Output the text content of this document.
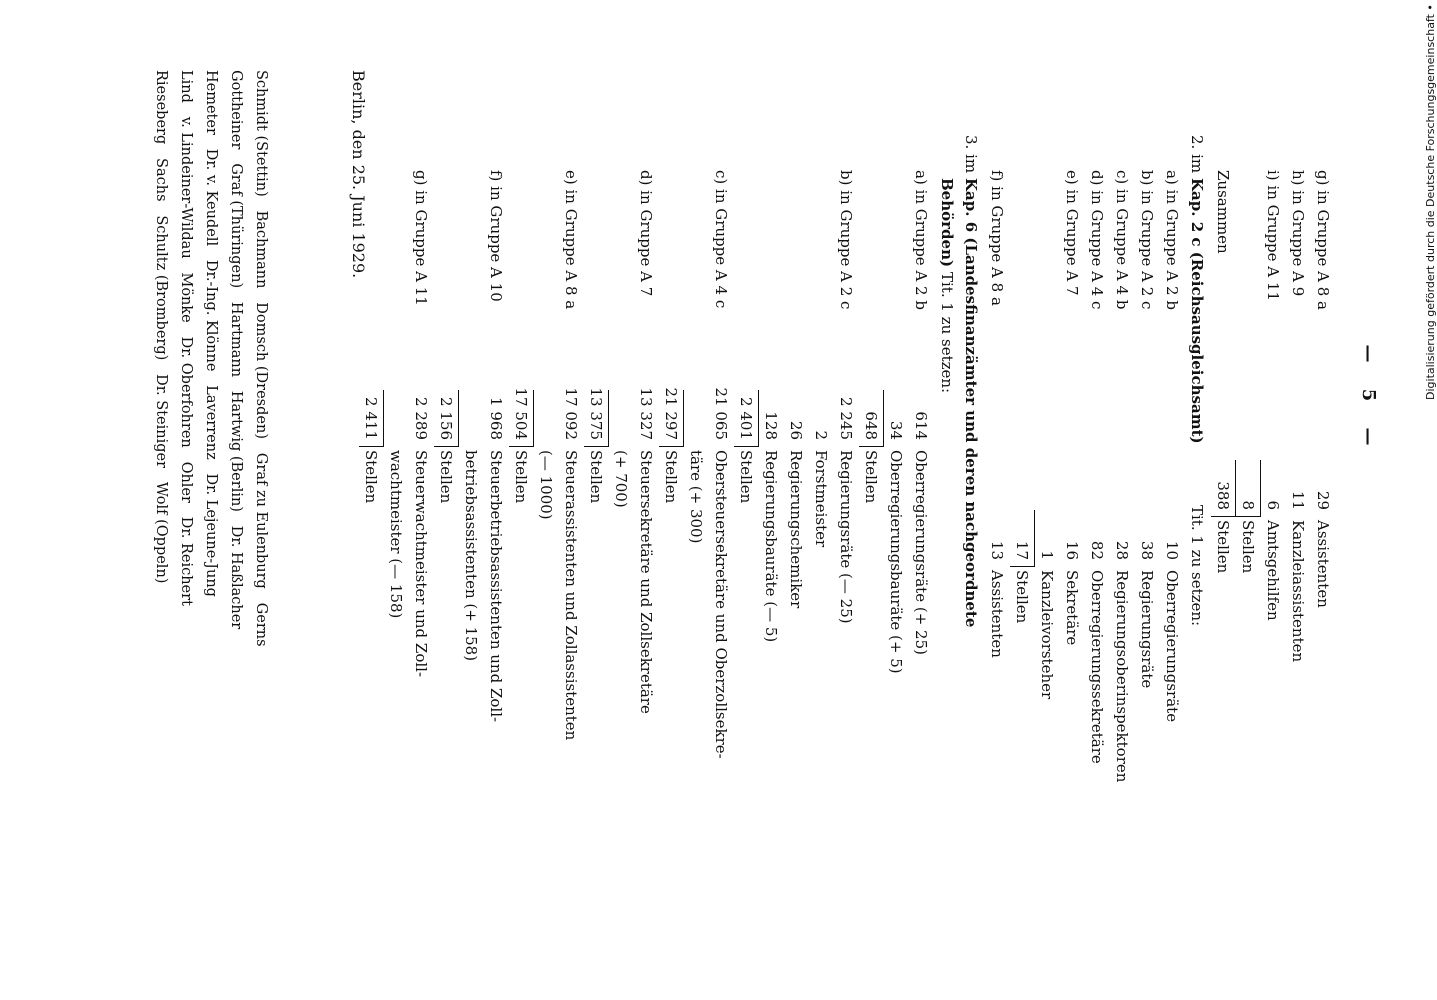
— 5 —
g) in Gruppe A 8 a
29
Assistenten
h) in Gruppe A 9
11
Kanzleiassistenten
i) in Gruppe A 11
6
Amtsgehilfen
8
Stellen
Zusammen
388
Stellen
2. im
Kap. 2 c (Reichsausgleichsamt)
Tit. 1 zu setzen:
a) in Gruppe A 2 b
10
Oberregierungsräte
b) in Gruppe A 2 c
38
Regierungsräte
c) in Gruppe A 4 b
28
Regierungsoberinspektoren
d) in Gruppe A 4 c
82
Oberregierungssekretäre
e) in Gruppe A 7
16
Sekretäre
1
Kanzleivorsteher
17
Stellen
f) in Gruppe A 8 a
13
Assistenten
3. im
Kap. 6 (Landesfinanzämter und deren nachgeordnete
Behörden)
Tit. 1 zu setzen:
a) in Gruppe A 2 b
614
Oberregierungsräte (+ 25)
34
Oberregierungsbauräte (+ 5)
648
Stellen
b) in Gruppe A 2 c
2 245
Regierungsräte (— 25)
2
Forstmeister
26
Regierungschemiker
128
Regierungsbauräte (— 5)
2 401
Stellen
c) in Gruppe A 4 c
21 065
Obersteuersekretäre und Oberzollsekre-
täre (+ 300)
21 297
Stellen
d) in Gruppe A 7
13 327
Steuersekretäre und Zollsekretäre
(+ 700)
13 375
Stellen
e) in Gruppe A 8 a
17 092
Steuerassistenten und Zollassistenten
(— 1000)
17 504
Stellen
f) in Gruppe A 10
1 968
Steuerbetriebsassistenten und Zoll-
betriebsassistenten (+ 158)
2 156
Stellen
g) in Gruppe A 11
2 289
Steuerwachtmeister und Zoll-
wachtmeister (— 158)
2 411
Stellen
Berlin, den 25. Juni 1929.
Schmidt (Stettin)   Bachmann   Domsch (Dresden)   Graf zu Eulenburg   Gerns
Gottheiner   Graf (Thüringen)   Hartmann   Hartwig (Berlin)   Dr. Haßlacher
Hemeter   Dr. v. Keudell   Dr.-Ing. Klönne   Laverrenz   Dr. Lejeune-Jung
Lind   v. Lindeiner-Wildau   Mönke   Dr. Oberfohren   Ohler   Dr. Reichert
Rieseberg   Sachs   Schultz (Bromberg)   Dr. Steiniger   Wolf (Oppeln)	Digitalisierung gefördert durch die Deutsche Forschungsgemeinschaft •
